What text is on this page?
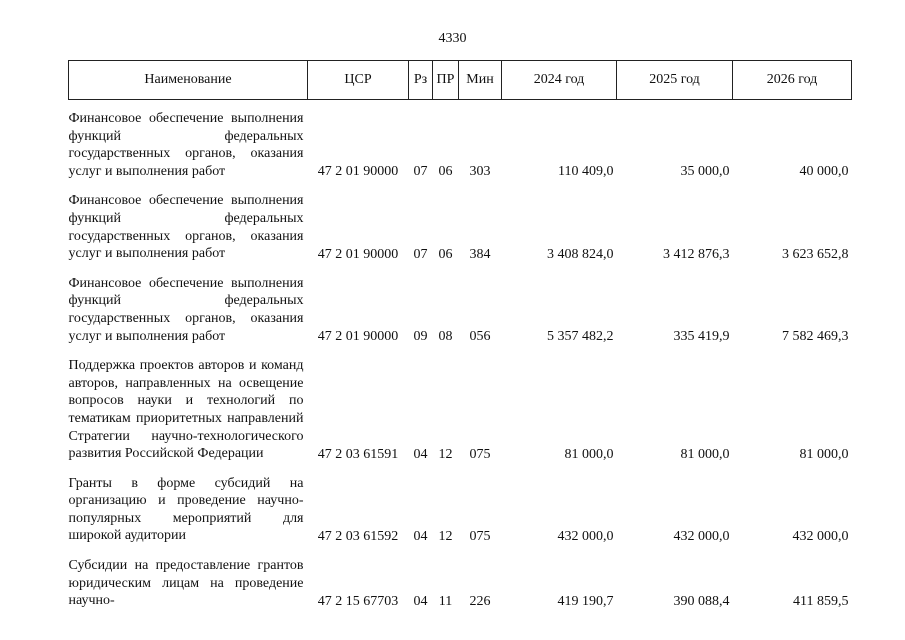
4330
Наименование	ЦСР	Рз	ПР	Мин	2024 год	2025 год	2026 год
Финансовое обеспечение выполнения функций федеральных государственных органов, оказания услуг и выполнения работ	47 2 01 90000	07	06	303	110 409,0	35 000,0	40 000,0
Финансовое обеспечение выполнения функций федеральных государственных органов, оказания услуг и выполнения работ	47 2 01 90000	07	06	384	3 408 824,0	3 412 876,3	3 623 652,8
Финансовое обеспечение выполнения функций федеральных государственных органов, оказания услуг и выполнения работ	47 2 01 90000	09	08	056	5 357 482,2	335 419,9	7 582 469,3
Поддержка проектов авторов и команд авторов, направленных на освещение вопросов науки и технологий по тематикам приоритетных направлений Стратегии научно-технологического развития Российской Федерации	47 2 03 61591	04	12	075	81 000,0	81 000,0	81 000,0
Гранты в форме субсидий на организацию и проведение научно-популярных мероприятий для широкой аудитории	47 2 03 61592	04	12	075	432 000,0	432 000,0	432 000,0
Субсидии на предоставление грантов юридическим лицам на проведение научно-	47 2 15 67703	04	11	226	419 190,7	390 088,4	411 859,5
